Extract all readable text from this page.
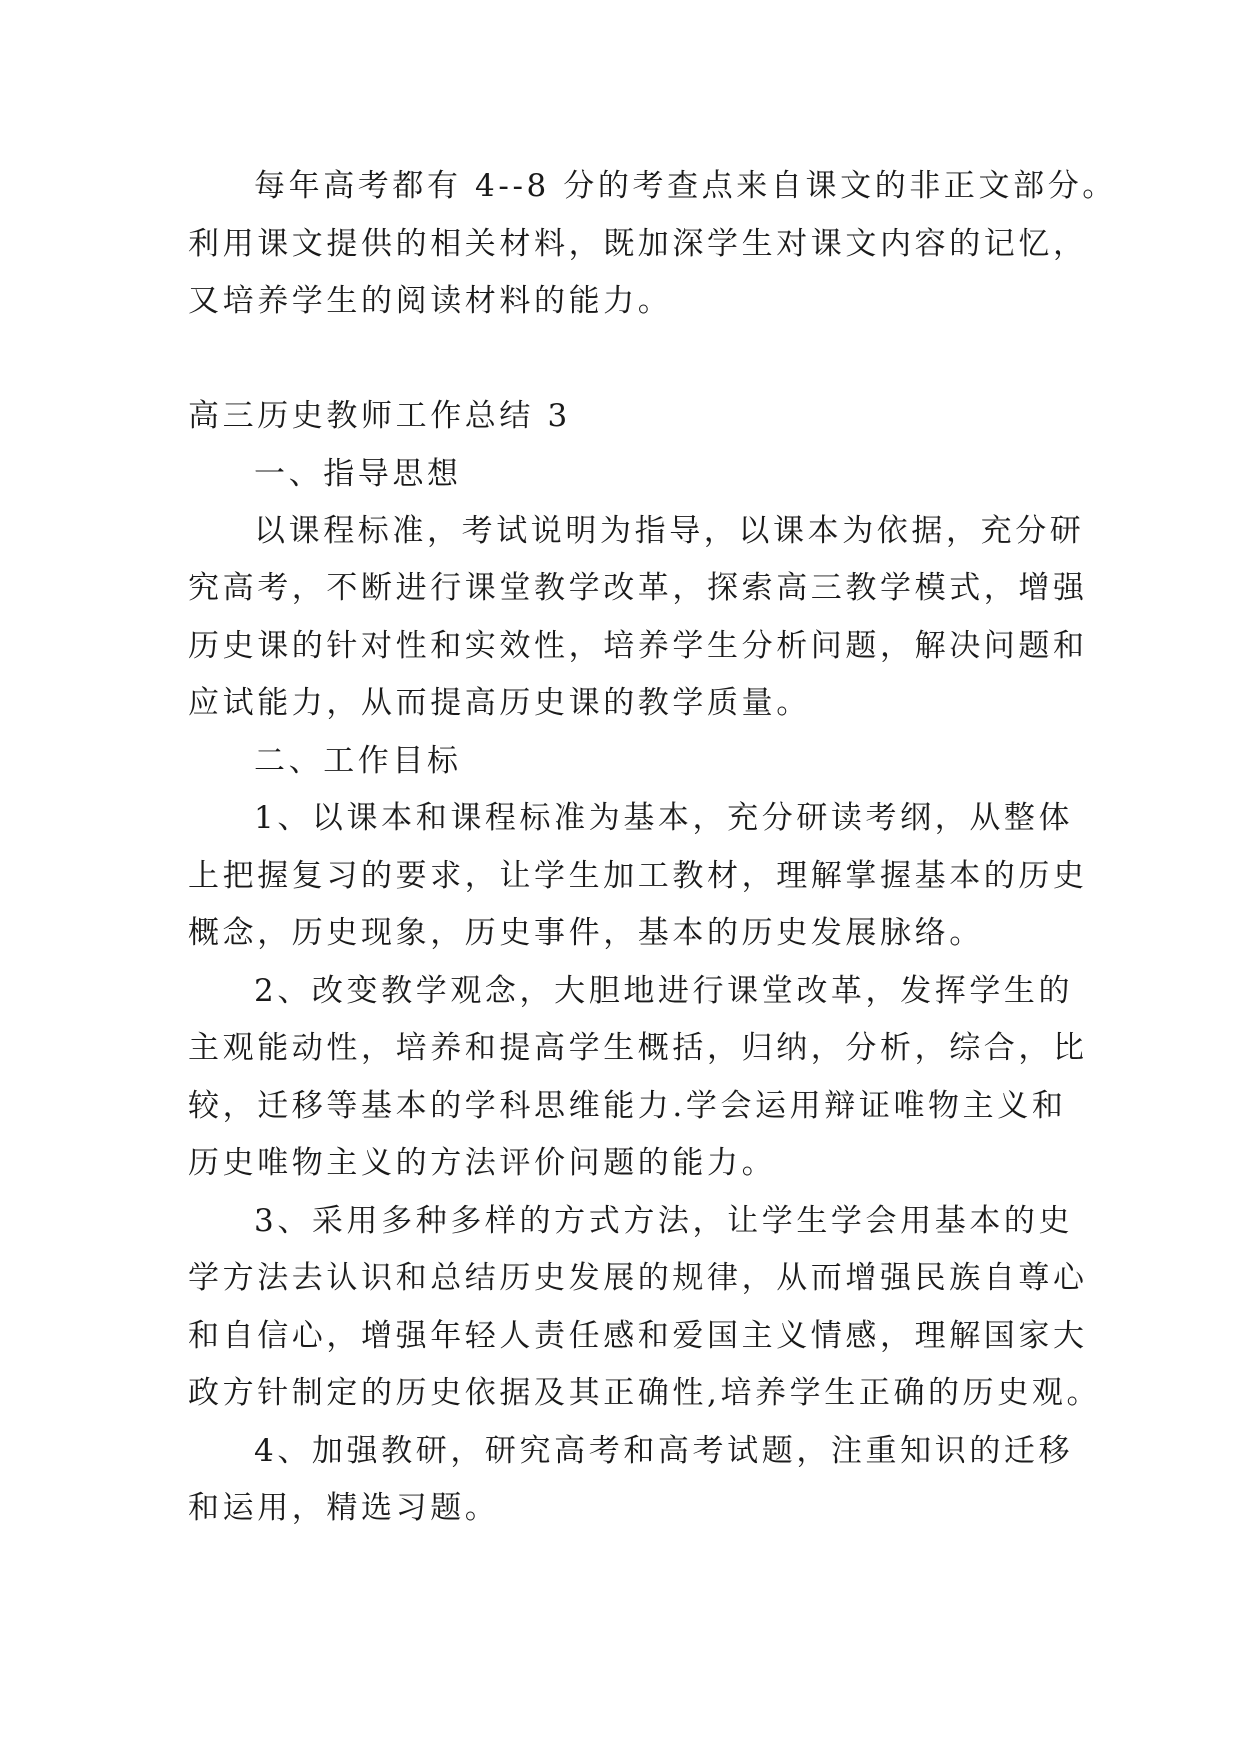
每年高考都有 4--8 分的考查点来自课文的非正文部分。
利用课文提供的相关材料，既加深学生对课文内容的记忆，
又培养学生的阅读材料的能力。
高三历史教师工作总结 3
一、指导思想
以课程标准，考试说明为指导，以课本为依据，充分研
究高考，不断进行课堂教学改革，探索高三教学模式，增强
历史课的针对性和实效性，培养学生分析问题，解决问题和
应试能力，从而提高历史课的教学质量。
二、工作目标
1、以课本和课程标准为基本，充分研读考纲，从整体
上把握复习的要求，让学生加工教材，理解掌握基本的历史
概念，历史现象，历史事件，基本的历史发展脉络。
2、改变教学观念，大胆地进行课堂改革，发挥学生的
主观能动性，培养和提高学生概括，归纳，分析，综合，比
较，迁移等基本的学科思维能力.学会运用辩证唯物主义和
历史唯物主义的方法评价问题的能力。
3、采用多种多样的方式方法，让学生学会用基本的史
学方法去认识和总结历史发展的规律，从而增强民族自尊心
和自信心，增强年轻人责任感和爱国主义情感，理解国家大
政方针制定的历史依据及其正确性,培养学生正确的历史观。
4、加强教研，研究高考和高考试题，注重知识的迁移
和运用，精选习题。
